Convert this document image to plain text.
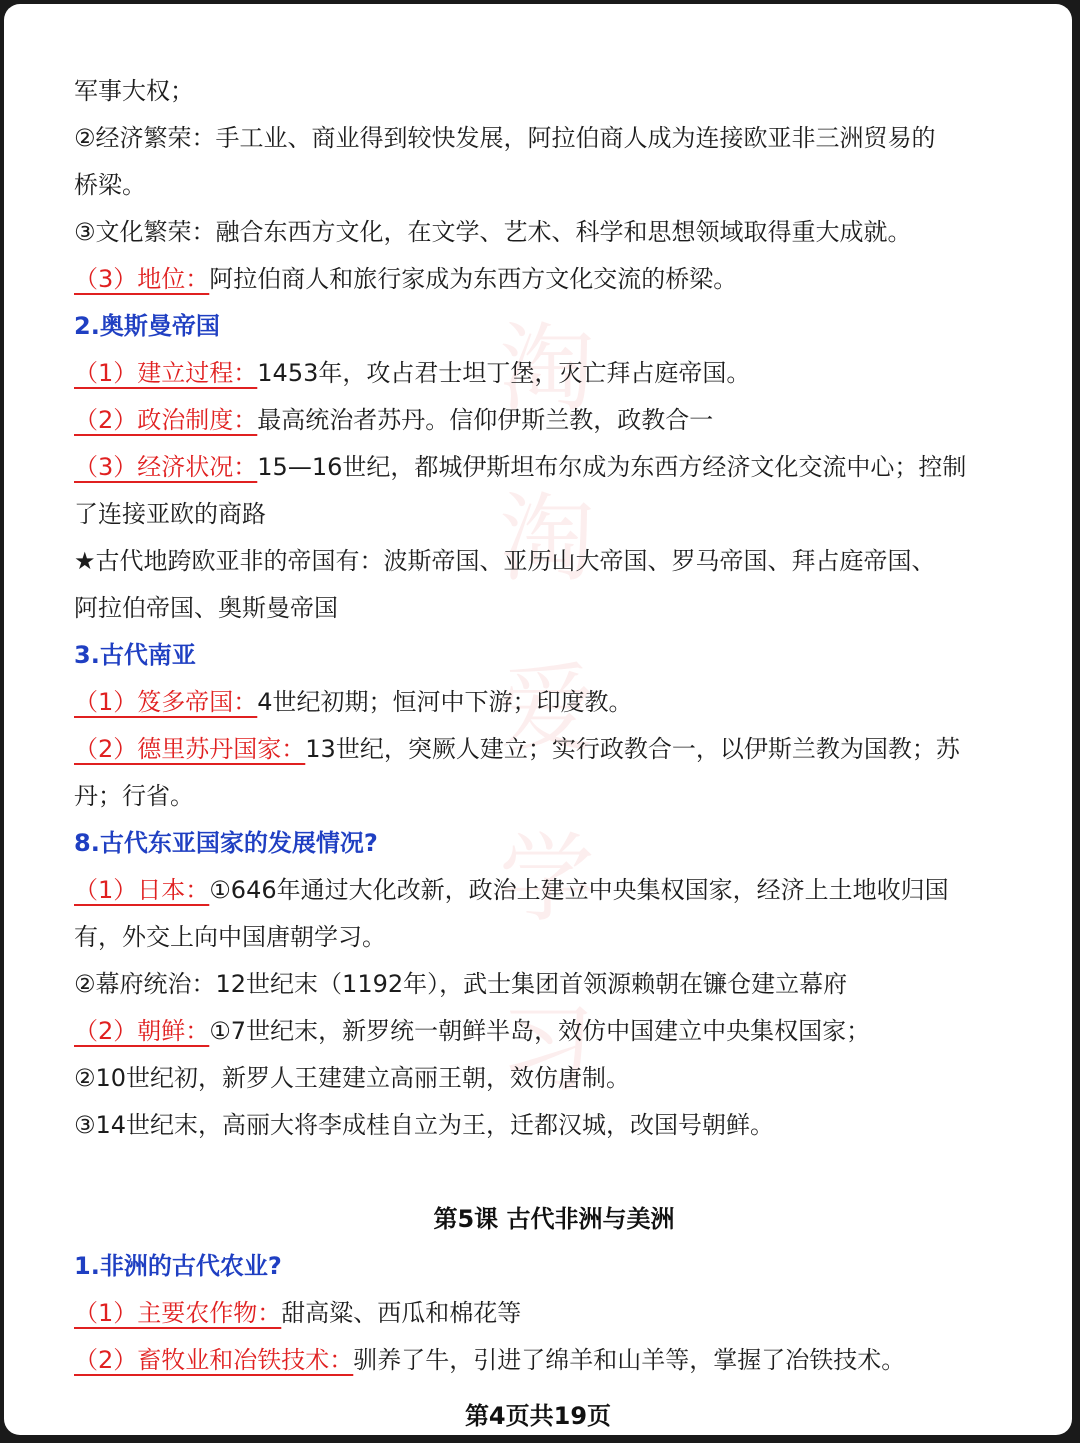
淘
淘
爱
学
习
军事大权；
②经济繁荣：手工业、商业得到较快发展，阿拉伯商人成为连接欧亚非三洲贸易的
桥梁。
③文化繁荣：融合东西方文化，在文学、艺术、科学和思想领域取得重大成就。
（3）地位：阿拉伯商人和旅行家成为东西方文化交流的桥梁。
2.奥斯曼帝国
（1）建立过程：1453年，攻占君士坦丁堡，灭亡拜占庭帝国。
（2）政治制度：最高统治者苏丹。信仰伊斯兰教，政教合一
（3）经济状况：15—16世纪，都城伊斯坦布尔成为东西方经济文化交流中心；控制
了连接亚欧的商路
★古代地跨欧亚非的帝国有：波斯帝国、亚历山大帝国、罗马帝国、拜占庭帝国、
阿拉伯帝国、奥斯曼帝国
3.古代南亚
（1）笈多帝国：4世纪初期；恒河中下游；印度教。
（2）德里苏丹国家：13世纪，突厥人建立；实行政教合一，以伊斯兰教为国教；苏
丹；行省。
8.古代东亚国家的发展情况?
（1）日本：①646年通过大化改新，政治上建立中央集权国家，经济上土地收归国
有，外交上向中国唐朝学习。
②幕府统治：12世纪末（1192年），武士集团首领源赖朝在镰仓建立幕府
（2）朝鲜：①7世纪末，新罗统一朝鲜半岛，效仿中国建立中央集权国家；
②10世纪初，新罗人王建建立高丽王朝，效仿唐制。
③14世纪末，高丽大将李成桂自立为王，迁都汉城，改国号朝鲜。
第5课 古代非洲与美洲
1.非洲的古代农业?
（1）主要农作物：甜高粱、西瓜和棉花等
（2）畜牧业和冶铁技术：驯养了牛，引进了绵羊和山羊等，掌握了冶铁技术。
第4页共19页
